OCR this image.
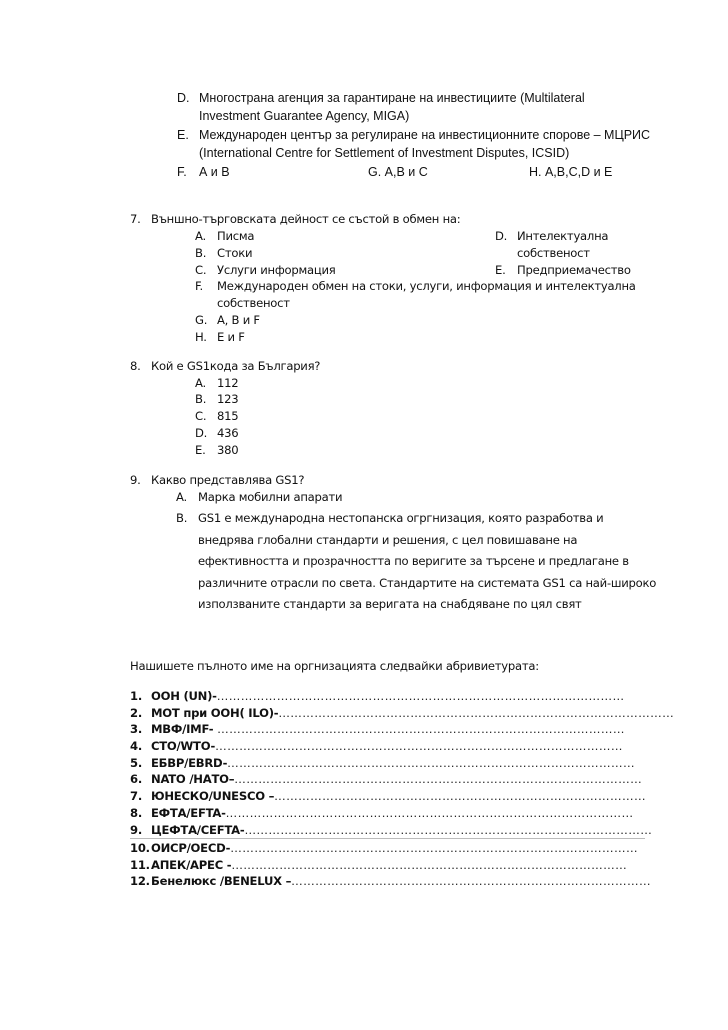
D. Многострана агенция за гарантиране на инвестициите (Multilateral
Investment Guarantee Agency, MIGA)
E. Международен център за регулиране на инвестиционните спорове – МЦРИС
(International Centre for Settlement of Investment Disputes, ICSID)
F. А и В	G. А,В и С	H. А,В,С,D и Е
7. Външно-търговската дейност се състой в обмен на:
A. Писма
B. Стоки
C. Услуги информация
F. Международен обмен на стоки, услуги, информация и интелектуална
собственост
G. A, B и F
H. E и F
D. Интелектуална
собственост
E. Предприемачество
8. Кой е GS1кода за България?
A. 112
B. 123
C. 815
D. 436
E. 380
9. Какво представлява GS1?
A. Марка мобилни апарати
B. GS1 е международна нестопанска огргнизация, която разработва и
внедрява глобални стандарти и решения, с цел повишаване на
ефективността и прозрачността по веригите за търсене и предлагане в
различните отрасли по света. Стандартите на системата GS1 са най-широко
използваните стандарти за веригата на снабдяване по цял свят
Нашишете пълното име на оргнизацията следвайки абривиетурата:
1. ООН (UN)-…………………………………………………………………………………………
2. МОТ при ООН( ILO)-………………………………………………………………………………………
3. МВФ/IMF- …………………………………………………………………………………………
4. СТО/WTO-…………………………………………………………………………………………
5. ЕБВР/EBRD-…………………………………………………………………………………………
6. NATO /НАТО–…………………………………………………………………………………………
7. ЮНЕСКО/UNESCO –…………………………………………………………………………………
8. ЕФТА/EFTA-…………………………………………………………………………………………
9. ЦЕФТА/CEFTA-…………………………………………………………………………………………
10. ОИСР/OECD-…………………………………………………………………………………………
11. АПЕК/APEC -………………………………………………………………………………………
12. Бенелюкс /BENELUX –………………………………………………………………………………
